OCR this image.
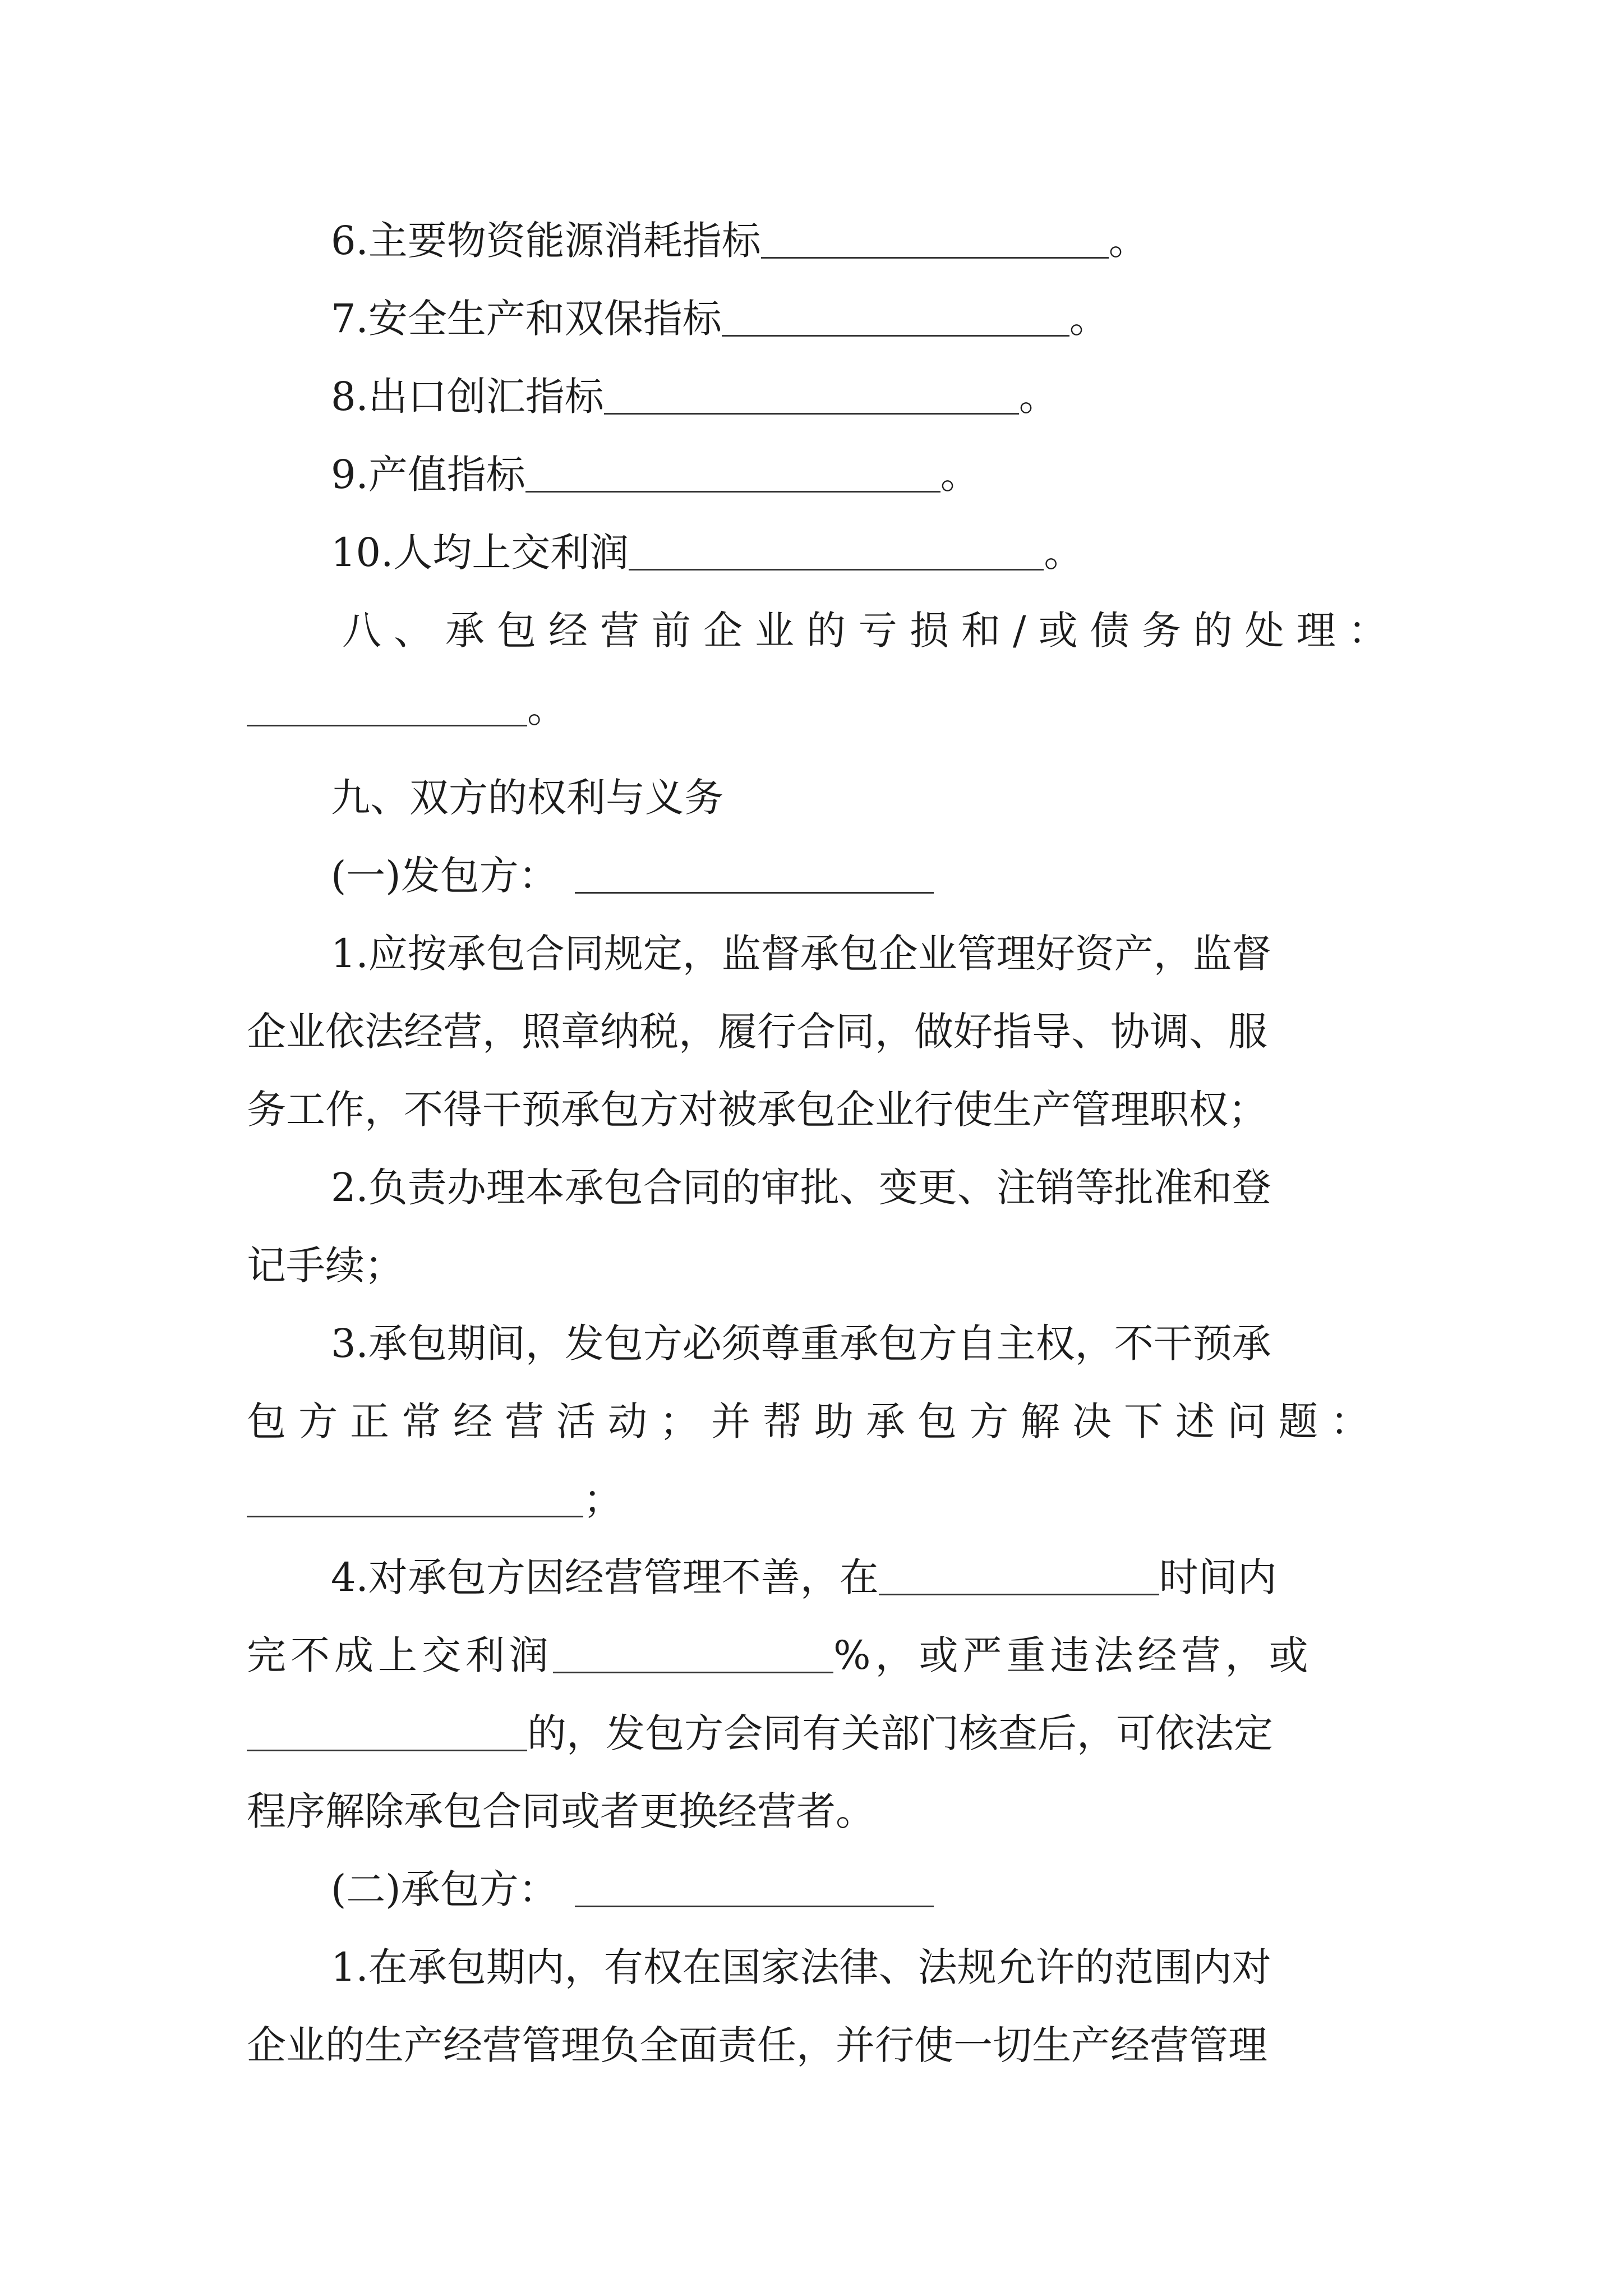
6.主要物资能源消耗指标	。

7.安全生产和双保指标	。

8.出口创汇指标	。

9.产值指标	。

10.人均上交利润	。

八、承包经营前企业的亏损和/或债务的处理：

。

九、双方的权利与义务

(一)发包方：

1.应按承包合同规定，监督承包企业管理好资产，监督

企业依法经营，照章纳税，履行合同，做好指导、协调、服

务工作，不得干预承包方对被承包企业行使生产管理职权；

2.负责办理本承包合同的审批、变更、注销等批准和登

记手续；

3.承包期间，发包方必须尊重承包方自主权，不干预承

包方正常经营活动；并帮助承包方解决下述问题：

；

4.对承包方因经营管理不善，在	时间内

完不成上交利润	%，或严重违法经营，或

的，发包方会同有关部门核查后，可依法定

程序解除承包合同或者更换经营者。

(二)承包方：

1.在承包期内，有权在国家法律、法规允许的范围内对

企业的生产经营管理负全面责任，并行使一切生产经营管理
